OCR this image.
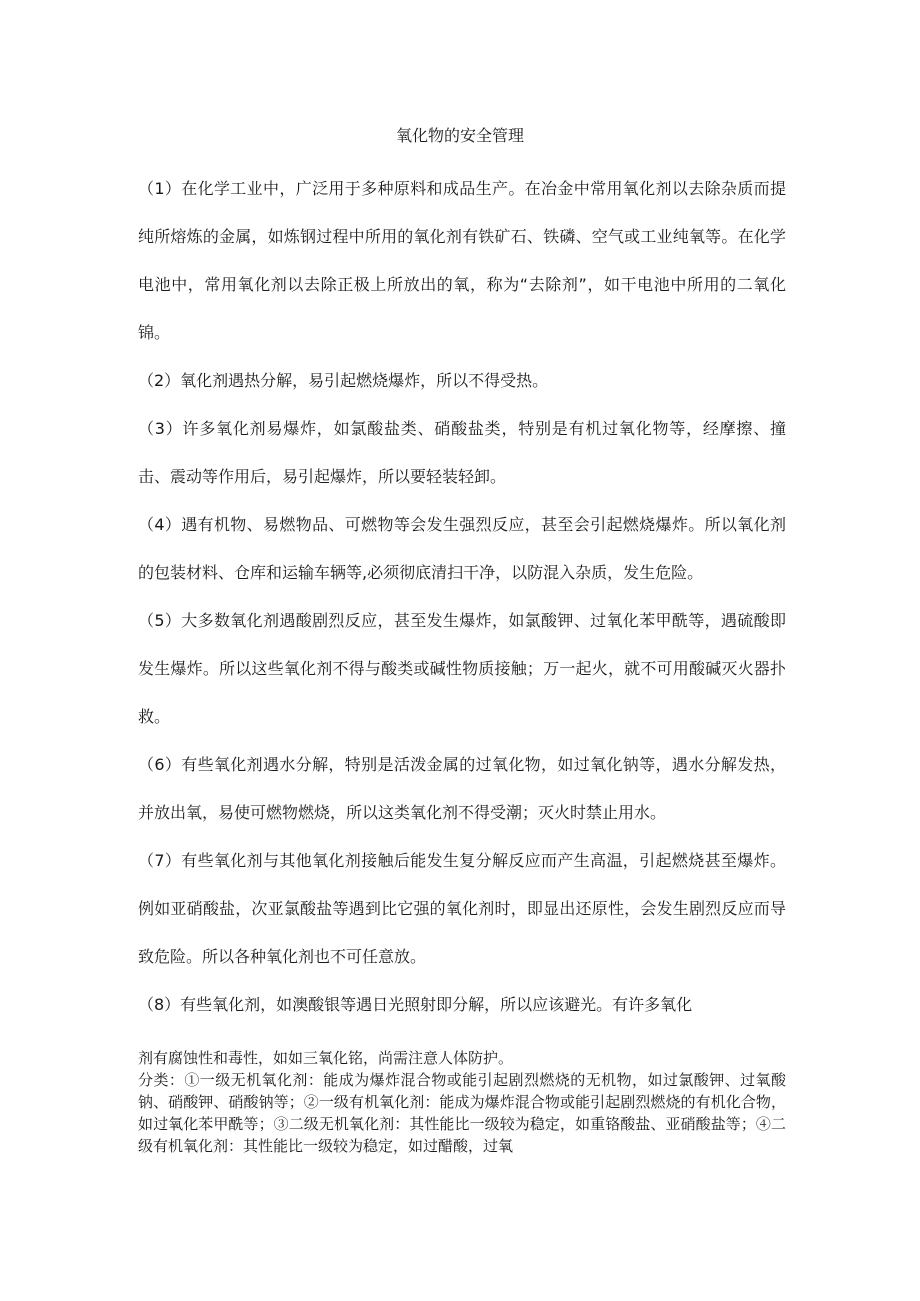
氧化物的安全管理

（1）在化学工业中，广泛用于多种原料和成品生产。在冶金中常用氧化剂以去除杂质而提纯所熔炼的金属，如炼钢过程中所用的氧化剂有铁矿石、铁磷、空气或工业纯氧等。在化学电池中，常用氧化剂以去除正极上所放出的氧，称为“去除剂”，如干电池中所用的二氧化锦。

（2）氧化剂遇热分解，易引起燃烧爆炸，所以不得受热。

（3）许多氧化剂易爆炸，如氯酸盐类、硝酸盐类，特别是有机过氧化物等，经摩擦、撞击、震动等作用后，易引起爆炸，所以要轻装轻卸。

（4）遇有机物、易燃物品、可燃物等会发生强烈反应，甚至会引起燃烧爆炸。所以氧化剂的包装材料、仓库和运输车辆等,必须彻底清扫干净，以防混入杂质，发生危险。

（5）大多数氧化剂遇酸剧烈反应，甚至发生爆炸，如氯酸钾、过氧化苯甲酰等，遇硫酸即发生爆炸。所以这些氧化剂不得与酸类或碱性物质接触；万一起火，就不可用酸碱灭火器扑救。

（6）有些氧化剂遇水分解，特别是活泼金属的过氧化物，如过氧化钠等，遇水分解发热，并放出氧，易使可燃物燃烧，所以这类氧化剂不得受潮；灭火时禁止用水。

（7）有些氧化剂与其他氧化剂接触后能发生复分解反应而产生高温，引起燃烧甚至爆炸。例如亚硝酸盐，次亚氯酸盐等遇到比它强的氧化剂时，即显出还原性，会发生剧烈反应而导致危险。所以各种氧化剂也不可任意放。

（8）有些氧化剂，如澳酸银等遇日光照射即分解，所以应该避光。有许多氧化

剂有腐蚀性和毒性，如如三氧化铭，尚需注意人体防护。

分类：①一级无机氧化剂：能成为爆炸混合物或能引起剧烈燃烧的无机物，如过氯酸钾、过氧酸钠、硝酸钾、硝酸钠等；②一级有机氧化剂：能成为爆炸混合物或能引起剧烈燃烧的有机化合物，如过氧化苯甲酰等；③二级无机氧化剂：其性能比一级较为稳定，如重铬酸盐、亚硝酸盐等；④二级有机氧化剂：其性能比一级较为稳定，如过醋酸，过氧
